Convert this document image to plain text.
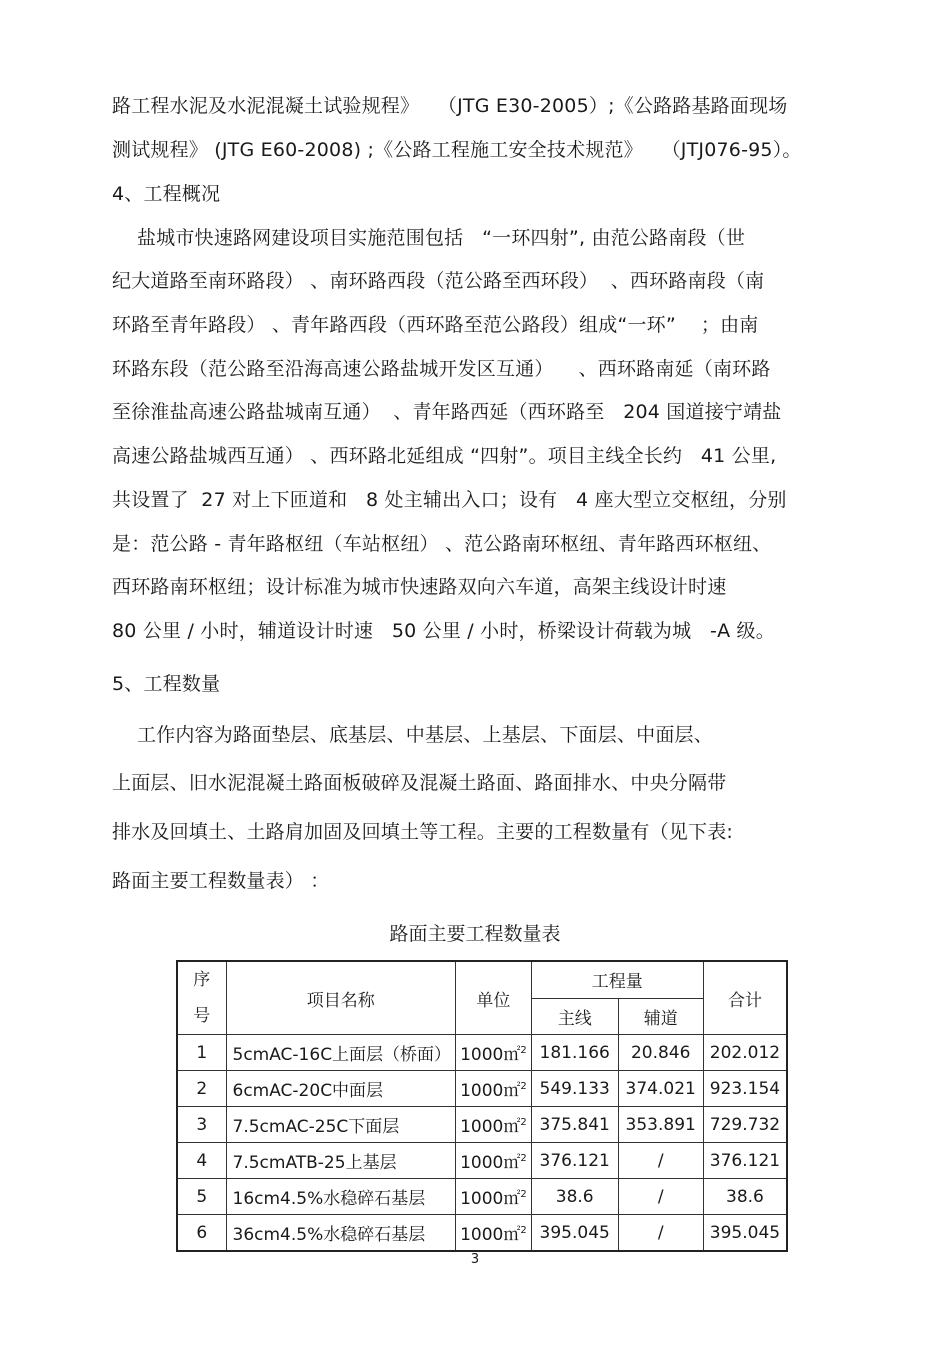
路工程水泥及水泥混凝土试验规程》   （JTG E30-2005）;《公路路基路面现场
测试规程》 (JTG E60-2008) ;《公路工程施工安全技术规范》   （JTJ076-95）。
4、工程概况
盐城市快速路网建设项目实施范围包括   “一环四射”, 由范公路南段（世
纪大道路至南环路段） 、南环路西段（范公路至西环段）  、西环路南段（南
环路至青年路段） 、青年路西段（西环路至范公路段）组成“一环”    ；由南
环路东段（范公路至沿海高速公路盐城开发区互通）    、西环路南延（南环路
至徐淮盐高速公路盐城南互通）  、青年路西延（西环路至   204 国道接宁靖盐
高速公路盐城西互通） 、西环路北延组成 “四射”。项目主线全长约   41 公里,
共设置了  27 对上下匝道和   8 处主辅出入口；设有   4 座大型立交枢纽，分别
是：范公路 - 青年路枢纽（车站枢纽） 、范公路南环枢纽、青年路西环枢纽、
西环路南环枢纽；设计标准为城市快速路双向六车道，高架主线设计时速
80 公里 / 小时，辅道设计时速   50 公里 / 小时，桥梁设计荷载为城   -A 级。
5、工程数量
工作内容为路面垫层、底基层、中基层、上基层、下面层、中面层、
上面层、旧水泥混凝土路面板破碎及混凝土路面、路面排水、中央分隔带
排水及回填土、土路肩加固及回填土等工程。主要的工程数量有（见下表:
路面主要工程数量表） ：
路面主要工程数量表
序
号	项目名称	单位	工程量		合计
			主线	辅道	
1	5cmAC-16C上面层（桥面）	1000㎡$^2$	181.166	20.846	202.012
2	6cmAC-20C中面层	1000㎡$^2$	549.133	374.021	923.154
3	7.5cmAC-25C下面层	1000㎡$^2$	375.841	353.891	729.732
4	7.5cmATB-25上基层	1000㎡$^2$	376.121	/	376.121
5	16cm4.5%水稳碎石基层	1000㎡$^2$	38.6	/	38.6
6	36cm4.5%水稳碎石基层	1000㎡$^2$	395.045	/	395.045
3
